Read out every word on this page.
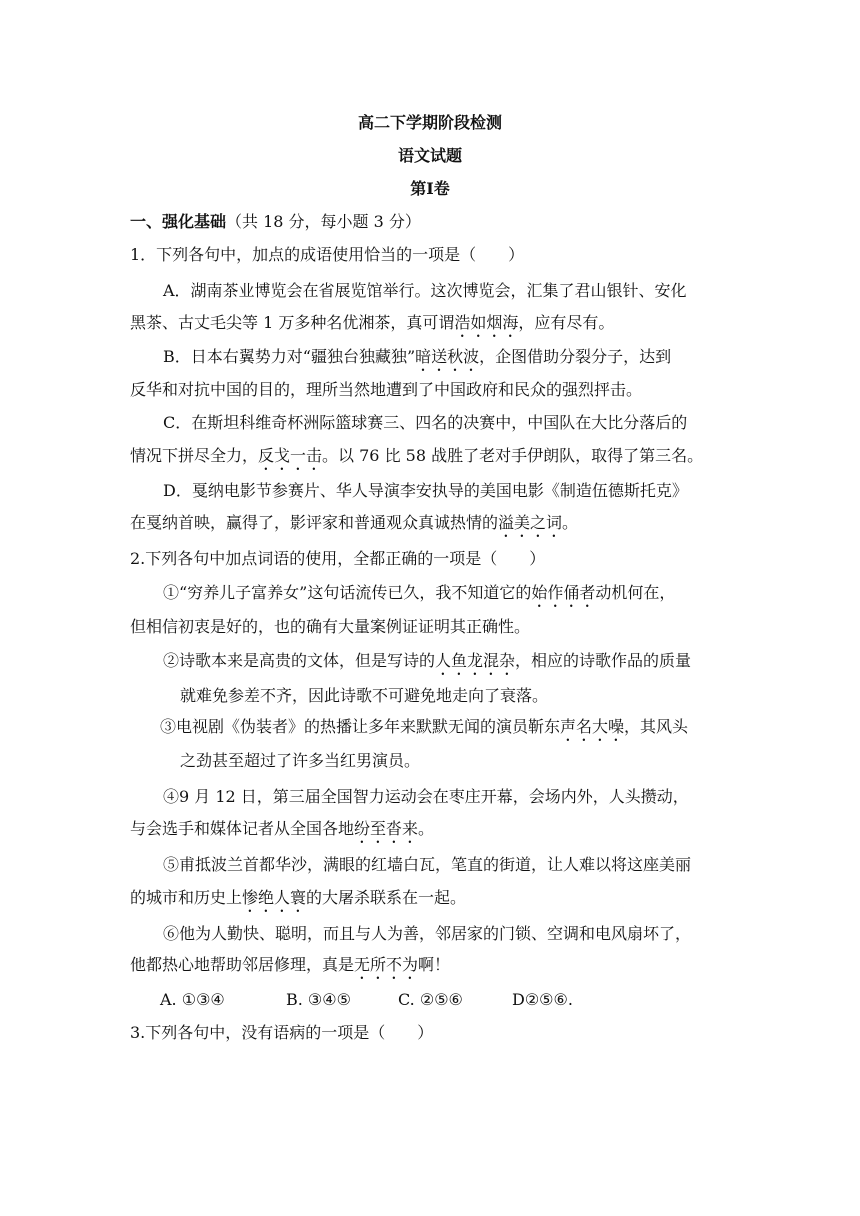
高二下学期阶段检测
语文试题
第Ⅰ卷
一、强化基础（共 18 分，每小题 3 分）
1．下列各句中，加点的成语使用恰当的一项是（　　）
A．湖南茶业博览会在省展览馆举行。这次博览会，汇集了君山银针、安化
黑茶、古丈毛尖等 1 万多种名优湘茶，真可谓浩如烟海，应有尽有。
B．日本右翼势力对“疆独台独藏独”暗送秋波，企图借助分裂分子，达到
反华和对抗中国的目的，理所当然地遭到了中国政府和民众的强烈抨击。
C．在斯坦科维奇杯洲际篮球赛三、四名的决赛中，中国队在大比分落后的
情况下拼尽全力，反戈一击。以 76 比 58 战胜了老对手伊朗队，取得了第三名。
D．戛纳电影节参赛片、华人导演李安执导的美国电影《制造伍德斯托克》
在戛纳首映，赢得了，影评家和普通观众真诚热情的溢美之词。
2.下列各句中加点词语的使用，全都正确的一项是（　　）
①“穷养儿子富养女”这句话流传已久，我不知道它的始作俑者动机何在，
但相信初衷是好的，也的确有大量案例证证明其正确性。
②诗歌本来是高贵的文体，但是写诗的人鱼龙混杂，相应的诗歌作品的质量
就难免参差不齐，因此诗歌不可避免地走向了衰落。
③电视剧《伪装者》的热播让多年来默默无闻的演员靳东声名大噪，其风头
之劲甚至超过了许多当红男演员。
④9 月 12 日，第三届全国智力运动会在枣庄开幕，会场内外，人头攒动，
与会选手和媒体记者从全国各地纷至沓来。
⑤甫抵波兰首都华沙，满眼的红墙白瓦，笔直的街道，让人难以将这座美丽
的城市和历史上惨绝人寰的大屠杀联系在一起。
⑥他为人勤快、聪明，而且与人为善，邻居家的门锁、空调和电风扇坏了，
他都热心地帮助邻居修理，真是无所不为啊！
A. ①③④	B. ③④⑤	C. ②⑤⑥	D②⑤⑥.
3.下列各句中，没有语病的一项是（　　）
